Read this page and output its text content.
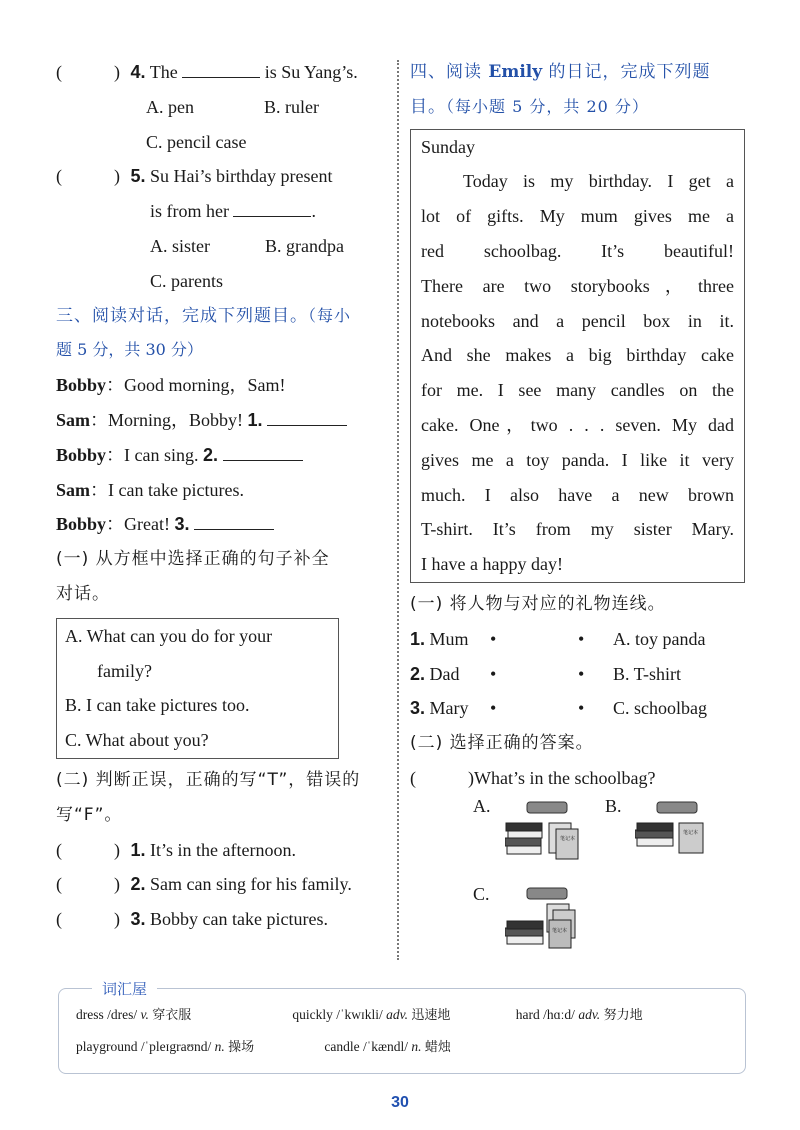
(	) 4. The	is Su Yang’s.
A. pen	B. ruler
C. pencil case
(	) 5. Su Hai’s birthday present
is from her	.
A. sister	B. grandpa
C. parents
三、阅读对话，完成下列题目。（每小
题 5 分，共 30 分）
Bobby：Good morning，Sam!
Sam：Morning，Bobby! 1.
Bobby：I can sing. 2.
Sam：I can take pictures.
Bobby：Great! 3.
(一) 从方框中选择正确的句子补全
对话。
A. What can you do for your
family?
B. I can take pictures too.
C. What about you?
(二) 判断正误，正确的写“T”，错误的
写“F”。
(	) 1. It’s in the afternoon.
(	) 2. Sam can sing for his family.
(	) 3. Bobby can take pictures.
四、阅读 Emily 的日记，完成下列题
目。（每小题 5 分，共 20 分）
Sunday
Today is my birthday. I get a
lot of gifts. My mum gives me a
red schoolbag. It’s beautiful!
There are two storybooks，three
notebooks and a pencil box in it.
And she makes a big birthday cake
for me. I see many candles on the
cake. One，two . . . seven. My dad
gives me a toy panda. I like it very
much. I also have a new brown
T-shirt. It’s from my sister Mary.
I have a happy day!
(一) 将人物与对应的礼物连线。
1. Mum	•	•	A. toy panda
2. Dad	•	•	B. T-shirt
3. Mary	•	•	C. schoolbag
(二) 选择正确的答案。
(	)What’s in the schoolbag?
A.
笔记本
B.
笔记本
C.
笔记本
词汇屋
dress /dres/ v. 穿衣服	quickly /ˈkwɪkli/ adv. 迅速地	hard /hɑːd/ adv. 努力地
playground /ˈpleɪgraʊnd/ n. 操场	candle /ˈkændl/ n. 蜡烛
30
